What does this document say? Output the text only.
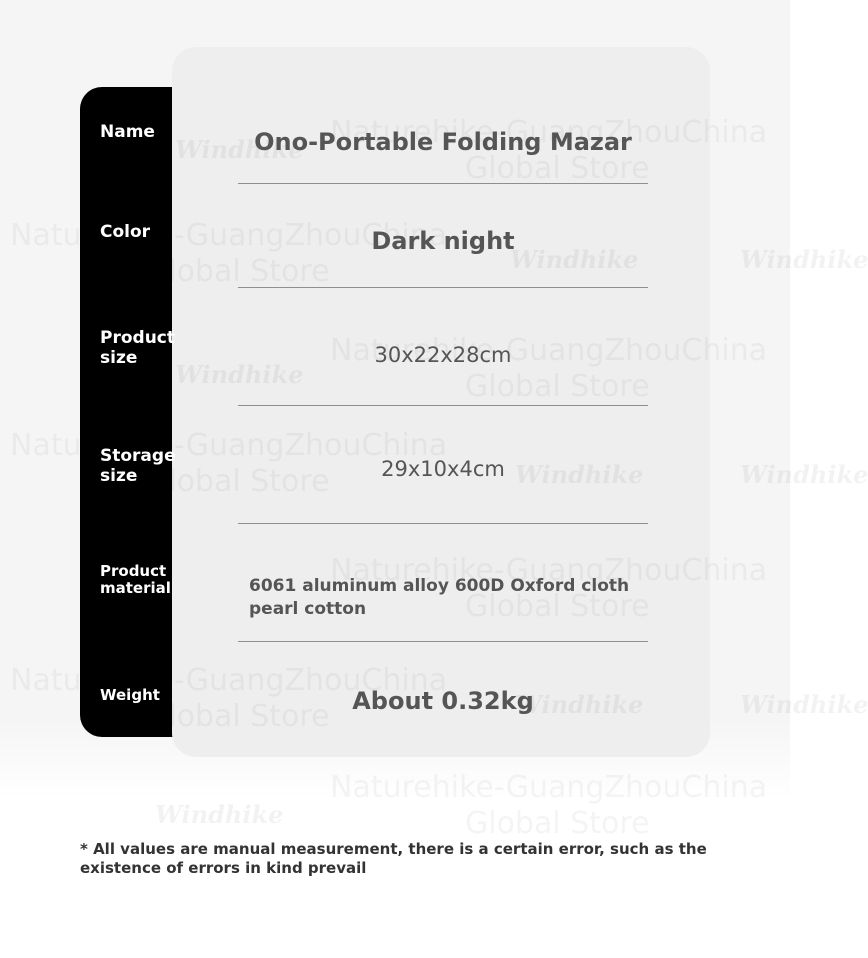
Name
Color
Product
size
Storage
size
Product
material
Weight
Ono-Portable Folding Mazar
Dark night
30x22x28cm
29x10x4cm
6061 aluminum alloy 600D Oxford cloth
pearl cotton
About 0.32kg
* All values are manual measurement, there is a certain error, such as the existence of errors in kind prevail
Windhike
Windhike
Windhike
Windhike
